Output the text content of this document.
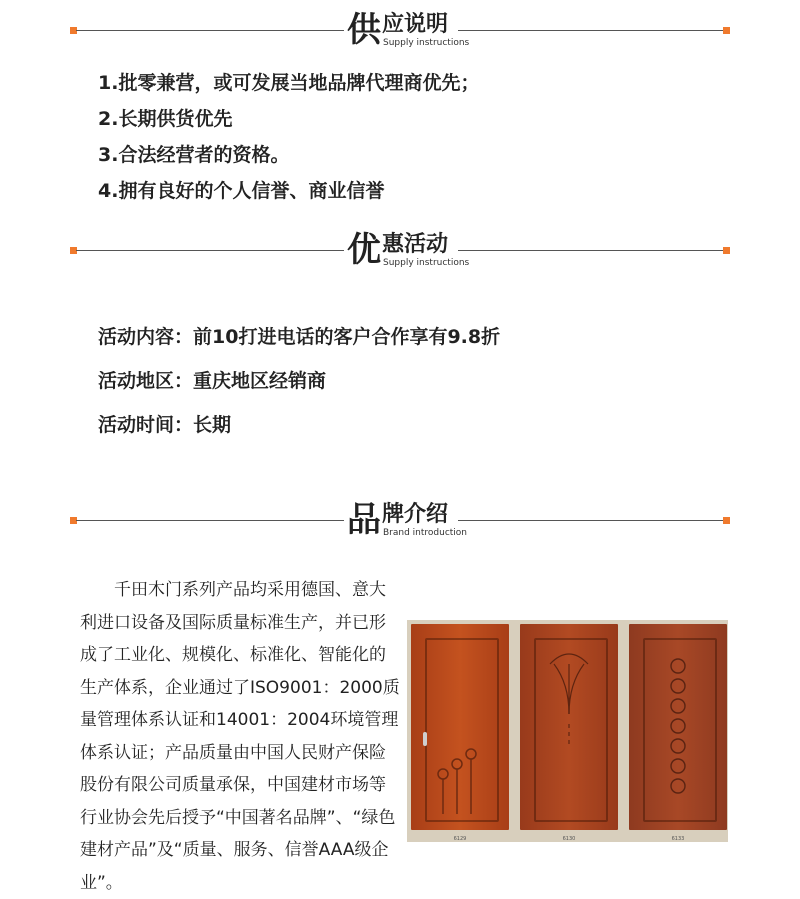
供 应说明
Supply instructions
1.批零兼营，或可发展当地品牌代理商优先；
2.长期供货优先
3.合法经营者的资格。
4.拥有良好的个人信誉、商业信誉
优 惠活动
Supply instructions
活动内容：前10打进电话的客户合作享有9.8折
活动地区：重庆地区经销商
活动时间：长期
品 牌介绍
Brand introduction

千田木门系列产品均采用德国、意大利进口设备及国际质量标准生产，并已形成了工业化、规模化、标准化、智能化的生产体系，企业通过了ISO9001：2000质量管理体系认证和14001：2004环境管理体系认证；产品质量由中国人民财产保险股份有限公司质量承保，中国建材市场等行业协会先后授予“中国著名品牌”、“绿色建材产品”及“质量、服务、信誉AAA级企业”。

6129	6130	6133
